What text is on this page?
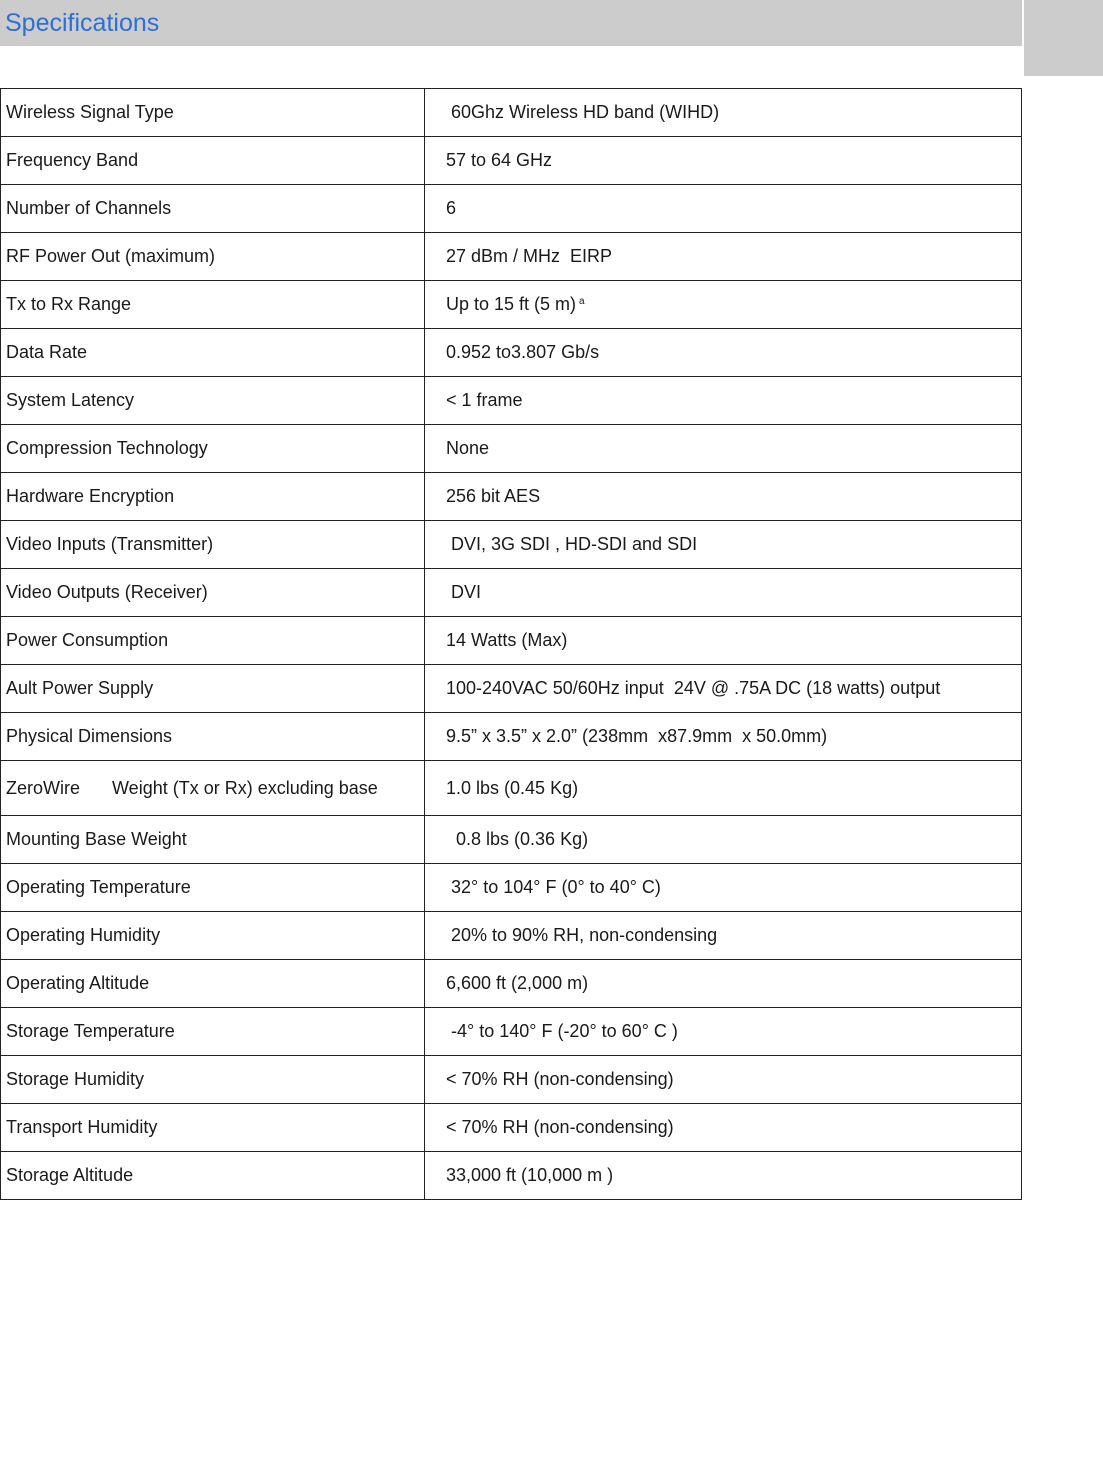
Specifications
Wireless Signal Type	60Ghz Wireless HD band (WIHD)
Frequency Band	57 to 64 GHz
Number of Channels	6
RF Power Out (maximum)	27 dBm / MHz  EIRP
Tx to Rx Range	Up to 15 ft (5 m) $^a$
Data Rate	0.952 to3.807 Gb/s
System Latency	< 1 frame
Compression Technology	None
Hardware Encryption	256 bit AES
Video Inputs (Transmitter)	DVI, 3G SDI , HD-SDI and SDI
Video Outputs (Receiver)	DVI
Power Consumption	14 Watts (Max)
Ault Power Supply	100-240VAC 50/60Hz input  24V @ .75A DC (18 watts) output
Physical Dimensions	9.5” x 3.5” x 2.0” (238mm  x87.9mm  x 50.0mm)
ZeroWire Weight (Tx or Rx) excluding base	1.0 lbs (0.45 Kg)
Mounting Base Weight	0.8 lbs (0.36 Kg)
Operating Temperature	32° to 104° F (0° to 40° C)
Operating Humidity	20% to 90% RH, non-condensing
Operating Altitude	6,600 ft (2,000 m)
Storage Temperature	-4° to 140° F (-20° to 60° C )
Storage Humidity	< 70% RH (non-condensing)
Transport Humidity	< 70% RH (non-condensing)
Storage Altitude	33,000 ft (10,000 m )
